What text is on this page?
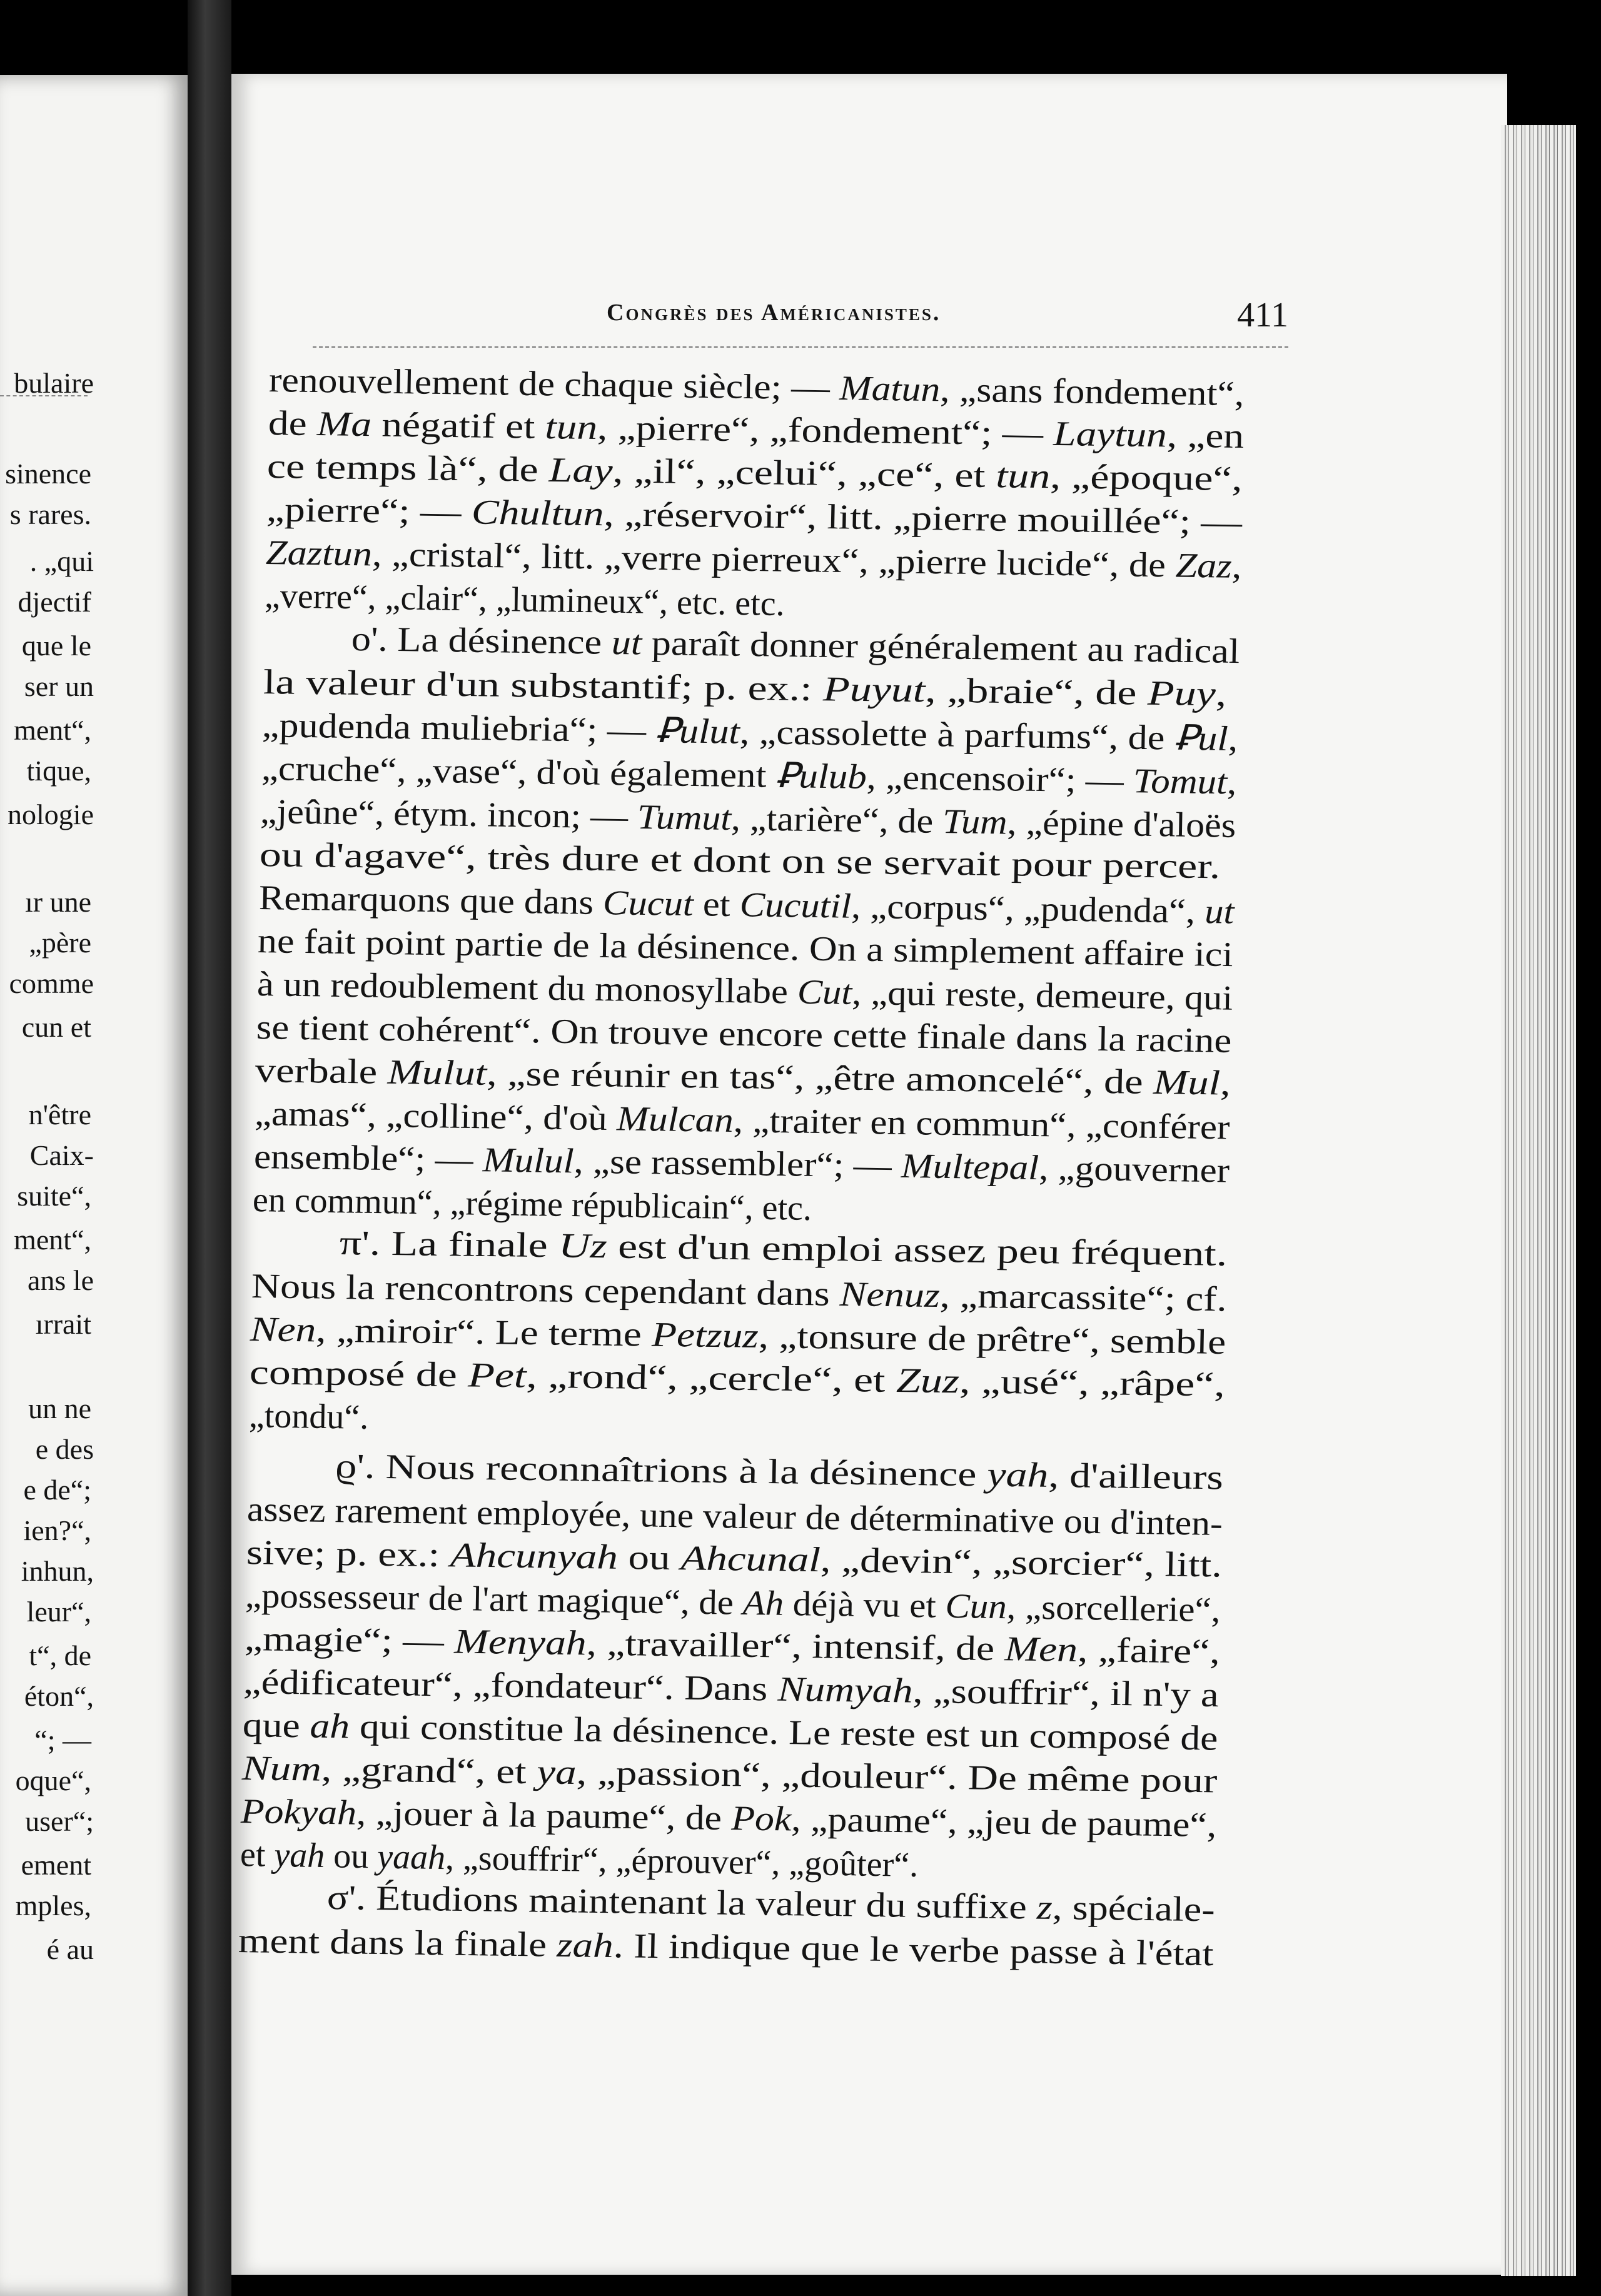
bulaire
sinence
s rares.
. „qui
djectif
que le
ser un
ment“,
tique,
nologie
ır une
„père
comme
cun et
n'être
Caix-
suite“,
ment“,
ans le
ırrait
un ne
e des
e de“;
ien?“,
inhun,
leur“,
t“, de
éton“,
“; —
oque“,
user“;
ement
mples,
é au
Congrès des Américanistes.	411
renouvellement de chaque siècle; — Matun, „sans fondement“,
de Ma négatif et tun, „pierre“, „fondement“; — Laytun, „en
ce temps là“, de Lay, „il“, „celui“, „ce“, et tun, „époque“,
„pierre“; — Chultun, „réservoir“, litt. „pierre mouillée“; —
Zaztun, „cristal“, litt. „verre pierreux“, „pierre lucide“, de Zaz,
„verre“, „clair“, „lumineux“, etc. etc.
ο'. La désinence ut paraît donner généralement au radical
la valeur d'un substantif; p. ex.: Puyut, „braie“, de Puy,
„pudenda muliebria“; — Ꝑulut, „cassolette à parfums“, de Ꝑul,
„cruche“, „vase“, d'où également Ꝑulub, „encensoir“; — Tomut,
„jeûne“, étym. incon; — Tumut, „tarière“, de Tum, „épine d'aloës
ou d'agave“, très dure et dont on se servait pour percer.
Remarquons que dans Cucut et Cucutil, „corpus“, „pudenda“, ut
ne fait point partie de la désinence. On a simplement affaire ici
à un redoublement du monosyllabe Cut, „qui reste, demeure, qui
se tient cohérent“. On trouve encore cette finale dans la racine
verbale Mulut, „se réunir en tas“, „être amoncelé“, de Mul,
„amas“, „colline“, d'où Mulcan, „traiter en commun“, „conférer
ensemble“; — Mulul, „se rassembler“; — Multepal, „gouverner
en commun“, „régime républicain“, etc.
π'. La finale Uz est d'un emploi assez peu fréquent.
Nous la rencontrons cependant dans Nenuz, „marcassite“; cf.
Nen, „miroir“. Le terme Petzuz, „tonsure de prêtre“, semble
composé de Pet, „rond“, „cercle“, et Zuz, „usé“, „râpe“,
„tondu“.
ϱ'. Nous reconnaîtrions à la désinence yah, d'ailleurs
assez rarement employée, une valeur de déterminative ou d'inten-
sive; p. ex.: Ahcunyah ou Ahcunal, „devin“, „sorcier“, litt.
„possesseur de l'art magique“, de Ah déjà vu et Cun, „sorcellerie“,
„magie“; — Menyah, „travailler“, intensif, de Men, „faire“,
„édificateur“, „fondateur“. Dans Numyah, „souffrir“, il n'y a
que ah qui constitue la désinence. Le reste est un composé de
Num, „grand“, et ya, „passion“, „douleur“. De même pour
Pokyah, „jouer à la paume“, de Pok, „paume“, „jeu de paume“,
et yah ou yaah, „souffrir“, „éprouver“, „goûter“.
σ'. Étudions maintenant la valeur du suffixe z, spéciale-
ment dans la finale zah. Il indique que le verbe passe à l'état
